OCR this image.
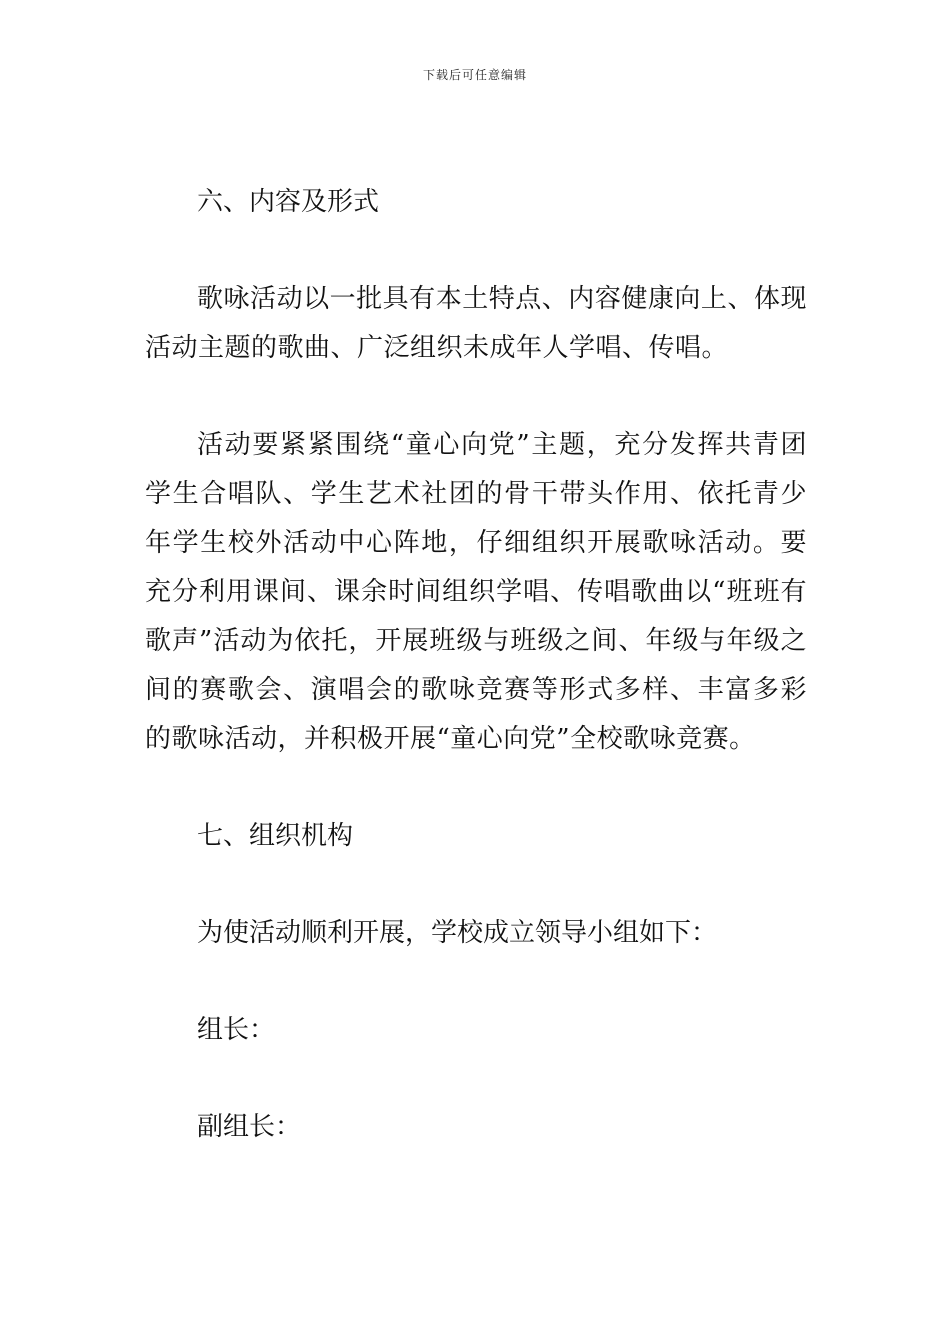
下载后可任意编辑

六、内容及形式

歌咏活动以一批具有本土特点、内容健康向上、体现活动主题的歌曲、广泛组织未成年人学唱、传唱。

活动要紧紧围绕“童心向党”主题，充分发挥共青团学生合唱队、学生艺术社团的骨干带头作用、依托青少年学生校外活动中心阵地，仔细组织开展歌咏活动。要充分利用课间、课余时间组织学唱、传唱歌曲以“班班有歌声”活动为依托，开展班级与班级之间、年级与年级之间的赛歌会、演唱会的歌咏竞赛等形式多样、丰富多彩的歌咏活动，并积极开展“童心向党”全校歌咏竞赛。

七、组织机构

为使活动顺利开展，学校成立领导小组如下：

组长：

副组长：
